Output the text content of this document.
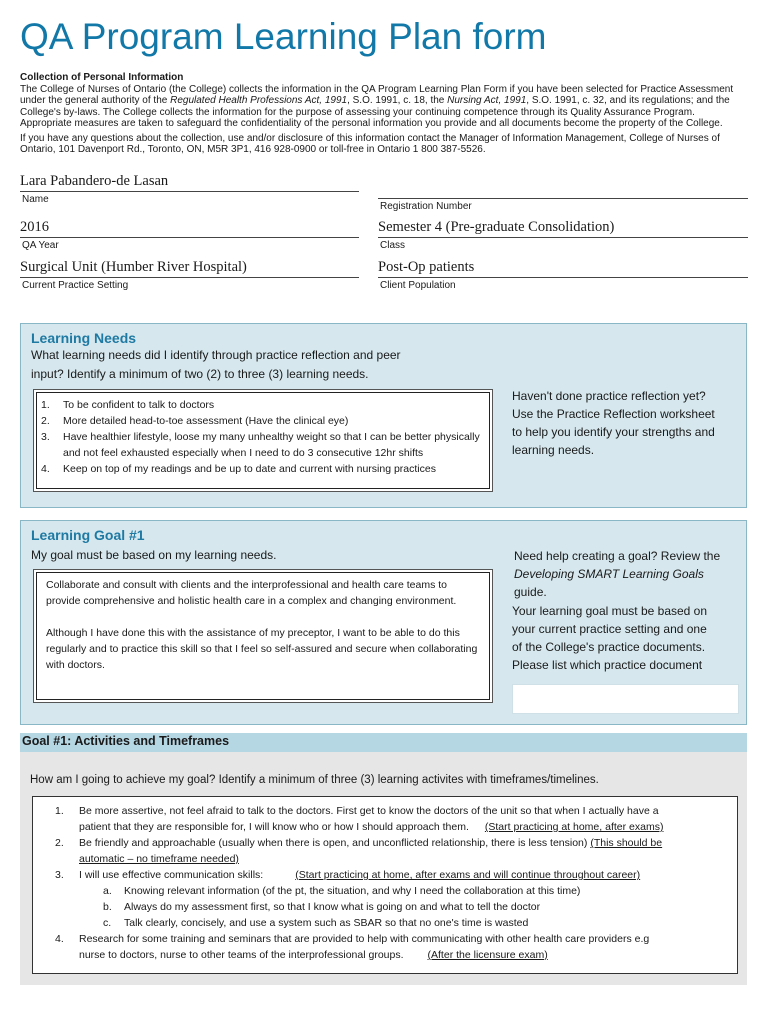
QA Program Learning Plan form
Collection of Personal Information

The College of Nurses of Ontario (the College) collects the information in the QA Program Learning Plan Form if you have been selected for Practice Assessment under the general authority of the Regulated Health Professions Act, 1991, S.O. 1991, c. 18, the Nursing Act, 1991, S.O. 1991, c. 32, and its regulations; and the College's by-laws. The College collects the information for the purpose of assessing your continuing competence through its Quality Assurance Program. Appropriate measures are taken to safeguard the confidentiality of the personal information you provide and all documents become the property of the College.

If you have any questions about the collection, use and/or disclosure of this information contact the Manager of Information Management, College of Nurses of Ontario, 101 Davenport Rd., Toronto, ON, M5R 3P1, 416 928-0900 or toll-free in Ontario 1 800 387-5526.

Lara Pabandero-de Lasan
Name
Registration Number
2016
QA Year
Semester 4 (Pre-graduate Consolidation)
Class
Surgical Unit (Humber River Hospital)
Current Practice Setting
Post-Op patients
Client Population
Learning Needs
What learning needs did I identify through practice reflection and peer
input? Identify a minimum of two (2) to three (3) learning needs.
1. To be confident to talk to doctors
2. More detailed head-to-toe assessment (Have the clinical eye)
3. Have healthier lifestyle, loose my many unhealthy weight so that I can be better physically and not feel exhausted especially when I need to do 3 consecutive 12hr shifts
4. Keep on top of my readings and be up to date and current with nursing practices

Haven't done practice reflection yet?

Use the Practice Reflection worksheet

to help you identify your strengths and

learning needs.

Learning Goal #1
My goal must be based on my learning needs.

Collaborate and consult with clients and the interprofessional and health care teams to provide comprehensive and holistic health care in a complex and changing environment.

Although I have done this with the assistance of my preceptor, I want to be able to do this regularly and to practice this skill so that I feel so self-assured and secure when collaborating with doctors.

Need help creating a goal? Review the

Developing SMART Learning Goals

guide.

Your learning goal must be based on

your current practice setting and one

of the College's practice documents.

Please list which practice document

Goal #1: Activities and Timeframes
How am I going to achieve my goal? Identify a minimum of three (3) learning activites with timeframes/timelines.
1. Be more assertive, not feel afraid to talk to the doctors. First get to know the doctors of the unit so that when I actually have a
patient that they are responsible for, I will know who or how I should approach them. (Start practicing at home, after exams)
2. Be friendly and approachable (usually when there is open, and unconflicted relationship, there is less tension) (This should be
automatic – no timeframe needed)
3. I will use effective communication skills:	(Start practicing at home, after exams and will continue throughout career)
a. Knowing relevant information (of the pt, the situation, and why I need the collaboration at this time)
b. Always do my assessment first, so that I know what is going on and what to tell the doctor
c. Talk clearly, concisely, and use a system such as SBAR so that no one's time is wasted
4. Research for some training and seminars that are provided to help with communicating with other health care providers e.g
nurse to doctors, nurse to other teams of the interprofessional groups. (After the licensure exam)
